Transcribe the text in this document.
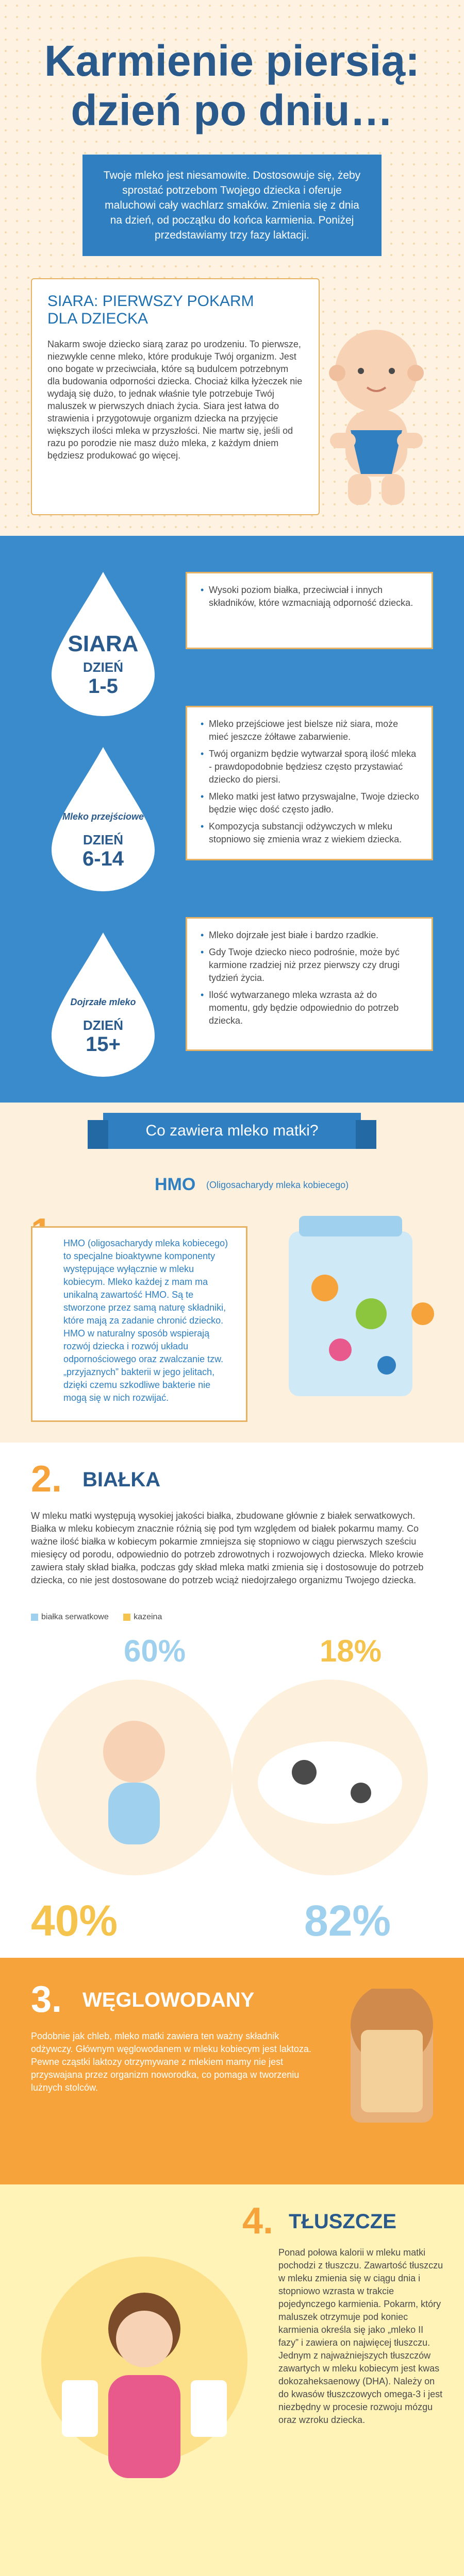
Karmienie piersią:
dzień po dniu…
Twoje mleko jest niesamowite. Dostosowuje się, żeby sprostać potrzebom Twojego dziecka i oferuje maluchowi cały wachlarz smaków. Zmienia się z dnia na dzień, od początku do końca karmienia. Poniżej przedstawiamy trzy fazy laktacji.
SIARA: PIERWSZY POKARM
DLA DZIECKA

Nakarm swoje dziecko siarą zaraz po urodzeniu. To pierwsze, niezwykle cenne mleko, które produkuje Twój organizm. Jest ono bogate w przeciwciała, które są budulcem potrzebnym dla budowania odporności dziecka. Chociaż kilka łyżeczek nie wydają się dużo, to jednak właśnie tyle potrzebuje Twój maluszek w pierwszych dniach życia. Siara jest łatwa do strawienia i przygotowuje organizm dziecka na przyjęcie większych ilości mleka w przyszłości. Nie martw się, jeśli od razu po porodzie nie masz dużo mleka, z każdym dniem będziesz produkować go więcej.

SIARA
DZIEŃ
1-5
• Wysoki poziom białka, przeciwciał i innych składników, które wzmacniają odporność dziecka.
Mleko przejściowe
DZIEŃ
6-14
• Mleko przejściowe jest bielsze niż siara, może mieć jeszcze żółtawe zabarwienie.
• Twój organizm będzie wytwarzał sporą ilość mleka - prawdopodobnie będziesz często przystawiać dziecko do piersi.
• Mleko matki jest łatwo przyswajalne, Twoje dziecko będzie więc dość często jadło.
• Kompozycja substancji odżywczych w mleku stopniowo się zmienia wraz z wiekiem dziecka.
Dojrzałe mleko
DZIEŃ
15+
• Mleko dojrzałe jest białe i bardzo rzadkie.
• Gdy Twoje dziecko nieco podrośnie, może być karmione rzadziej niż przez pierwszy czy drugi tydzień życia.
• Ilość wytwarzanego mleka wzrasta aż do momentu, gdy będzie odpowiednio do potrzeb dziecka.
Co zawiera mleko matki?
HMO (Oligosacharydy mleka kobiecego)
HMO (oligosacharydy mleka kobiecego) to specjalne bioaktywne komponenty występujące wyłącznie w mleku kobiecym. Mleko każdej z mam ma unikalną zawartość HMO. Są te stworzone przez samą naturę składniki, które mają za zadanie chronić dziecko. HMO w naturalny sposób wspierają rozwój dziecka i rozwój układu odpornościowego oraz zwalczanie tzw. „przyjaznych” bakterii w jego jelitach, dzięki czemu szkodliwe bakterie nie mogą się w nich rozwijać.
2. BIAŁKA
W mleku matki występują wysokiej jakości białka, zbudowane głównie z białek serwatkowych. Białka w mleku kobiecym znacznie różnią się pod tym względem od białek pokarmu mamy. Co ważne ilość białka w kobiecym pokarmie zmniejsza się stopniowo w ciągu pierwszych sześciu miesięcy od porodu, odpowiednio do potrzeb zdrowotnych i rozwojowych dziecka. Mleko krowie zawiera stały skład białka, podczas gdy skład mleka matki zmienia się i dostosowuje do potrzeb dziecka, co nie jest dostosowane do potrzeb wciąż niedojrzałego organizmu Twojego dziecka.
białka serwatkowe	kazeina
60%	18%
40%	82%
3. WĘGLOWODANY
Podobnie jak chleb, mleko matki zawiera ten ważny składnik odżywczy. Głównym węglowodanem w mleku kobiecym jest laktoza. Pewne cząstki laktozy otrzymywane z mlekiem mamy nie jest przyswajana przez organizm noworodka, co pomaga w tworzeniu lużnych stolców.
4. TŁUSZCZE
Ponad połowa kalorii w mleku matki pochodzi z tłuszczu. Zawartość tłuszczu w mleku zmienia się w ciągu dnia i stopniowo wzrasta w trakcie pojedynczego karmienia. Pokarm, który maluszek otrzymuje pod koniec karmienia określa się jako „mleko II fazy” i zawiera on najwięcej tłuszczu. Jednym z najważniejszych tłuszczów zawartych w mleku kobiecym jest kwas dokozaheksaenowy (DHA). Należy on do kwasów tłuszczowych omega-3 i jest niezbędny w procesie rozwoju mózgu oraz wzroku dziecka.
